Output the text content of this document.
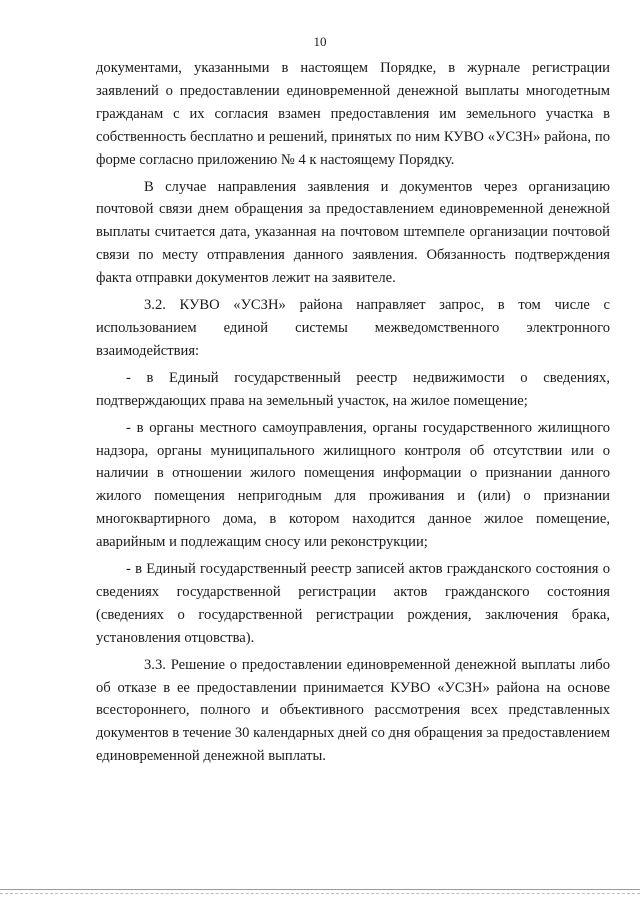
10

документами, указанными в настоящем Порядке, в журнале регистрации заявлений о предоставлении единовременной денежной выплаты многодетным гражданам с их согласия взамен предоставления им земельного участка в собственность бесплатно и решений, принятых по ним КУВО «УСЗН» района, по форме согласно приложению № 4 к настоящему Порядку.

В случае направления заявления и документов через организацию почтовой связи днем обращения за предоставлением единовременной денежной выплаты считается дата, указанная на почтовом штемпеле организации почтовой связи по месту отправления данного заявления. Обязанность подтверждения факта отправки документов лежит на заявителе.

3.2. КУВО «УСЗН» района направляет запрос, в том числе с использованием единой системы межведомственного электронного взаимодействия:

- в Единый государственный реестр недвижимости о сведениях, подтверждающих права на земельный участок, на жилое помещение;

- в органы местного самоуправления, органы государственного жилищного надзора, органы муниципального жилищного контроля об отсутствии или о наличии в отношении жилого помещения информации о признании данного жилого помещения непригодным для проживания и (или) о признании многоквартирного дома, в котором находится данное жилое помещение, аварийным и подлежащим сносу или реконструкции;

- в Единый государственный реестр записей актов гражданского состояния о сведениях государственной регистрации актов гражданского состояния (сведениях о государственной регистрации рождения, заключения брака, установления отцовства).

3.3. Решение о предоставлении единовременной денежной выплаты либо об отказе в ее предоставлении принимается КУВО «УСЗН» района на основе всестороннего, полного и объективного рассмотрения всех представленных документов в течение 30 календарных дней со дня обращения за предоставлением единовременной денежной выплаты.
